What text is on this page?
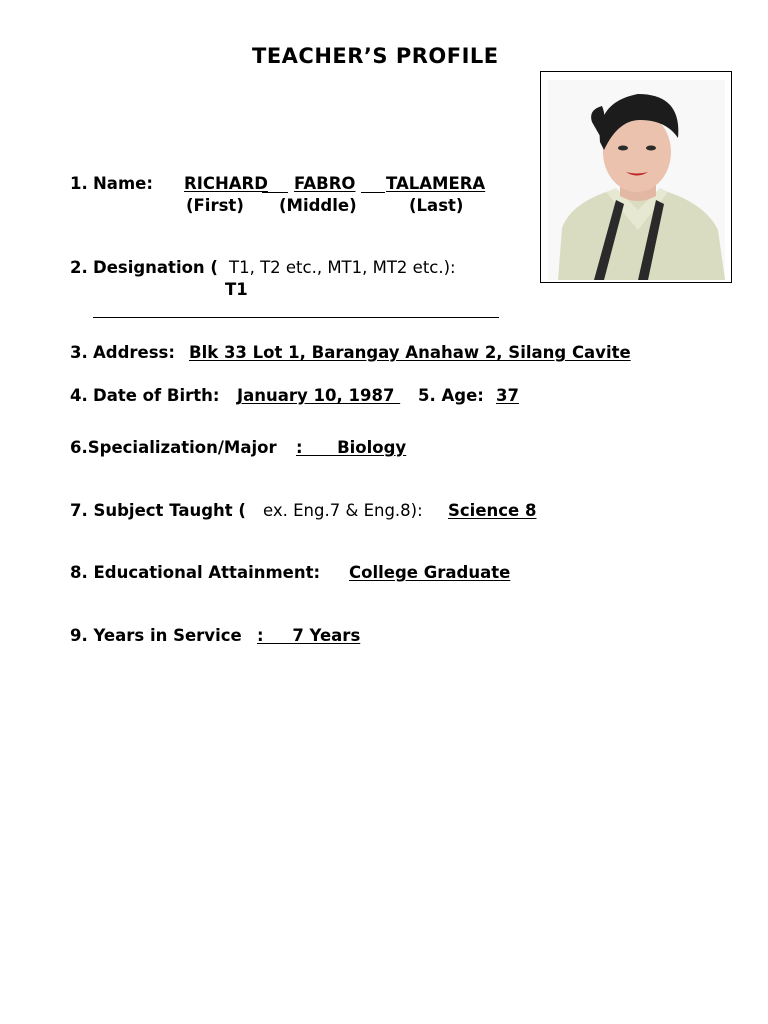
TEACHER’S PROFILE
1. Name: RICHARD FABRO TALAMERA
(First) (Middle)	(Last)
2. Designation ( T1, T2 etc., MT1, MT2 etc.):
T1
3. Address: Blk 33 Lot 1, Barangay Anahaw 2, Silang Cavite
4. Date of Birth: January 10, 1987 5. Age: 37
6.Specialization/Major :      Biology
7. Subject Taught ( ex. Eng.7 & Eng.8): Science 8
8. Educational Attainment: College Graduate
9. Years in Service :     7 Years
